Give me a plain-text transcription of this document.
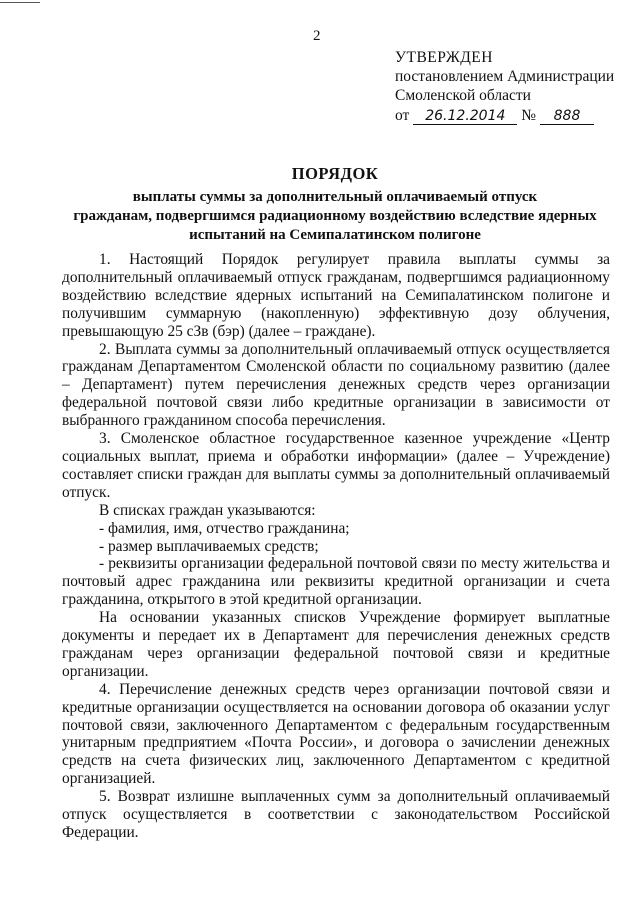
2
УТВЕРЖДЕН
постановлением Администрации
Смоленской области
от 26.12.2014 № 888
ПОРЯДОК
выплаты суммы за дополнительный оплачиваемый отпуск
гражданам, подвергшимся радиационному воздействию вследствие ядерных
испытаний на Семипалатинском полигоне

1. Настоящий Порядок регулирует правила выплаты суммы за дополнительный оплачиваемый отпуск гражданам, подвергшимся радиационному воздействию вследствие ядерных испытаний на Семипалатинском полигоне и получившим суммарную (накопленную) эффективную дозу облучения, превышающую 25 сЗв (бэр) (далее – граждане).

2. Выплата суммы за дополнительный оплачиваемый отпуск осуществляется гражданам Департаментом Смоленской области по социальному развитию (далее – Департамент) путем перечисления денежных средств через организации федеральной почтовой связи либо кредитные организации в зависимости от выбранного гражданином способа перечисления.

3. Смоленское областное государственное казенное учреждение «Центр социальных выплат, приема и обработки информации» (далее – Учреждение) составляет списки граждан для выплаты суммы за дополнительный оплачиваемый отпуск.

В списках граждан указываются:

- фамилия, имя, отчество гражданина;

- размер выплачиваемых средств;

- реквизиты организации федеральной почтовой связи по месту жительства и почтовый адрес гражданина или реквизиты кредитной организации и счета гражданина, открытого в этой кредитной организации.

На основании указанных списков Учреждение формирует выплатные документы и передает их в Департамент для перечисления денежных средств гражданам через организации федеральной почтовой связи и кредитные организации.

4. Перечисление денежных средств через организации почтовой связи и кредитные организации осуществляется на основании договора об оказании услуг почтовой связи, заключенного Департаментом с федеральным государственным унитарным предприятием «Почта России», и договора о зачислении денежных средств на счета физических лиц, заключенного Департаментом с кредитной организацией.

5. Возврат излишне выплаченных сумм за дополнительный оплачиваемый отпуск осуществляется в соответствии с законодательством Российской Федерации.
